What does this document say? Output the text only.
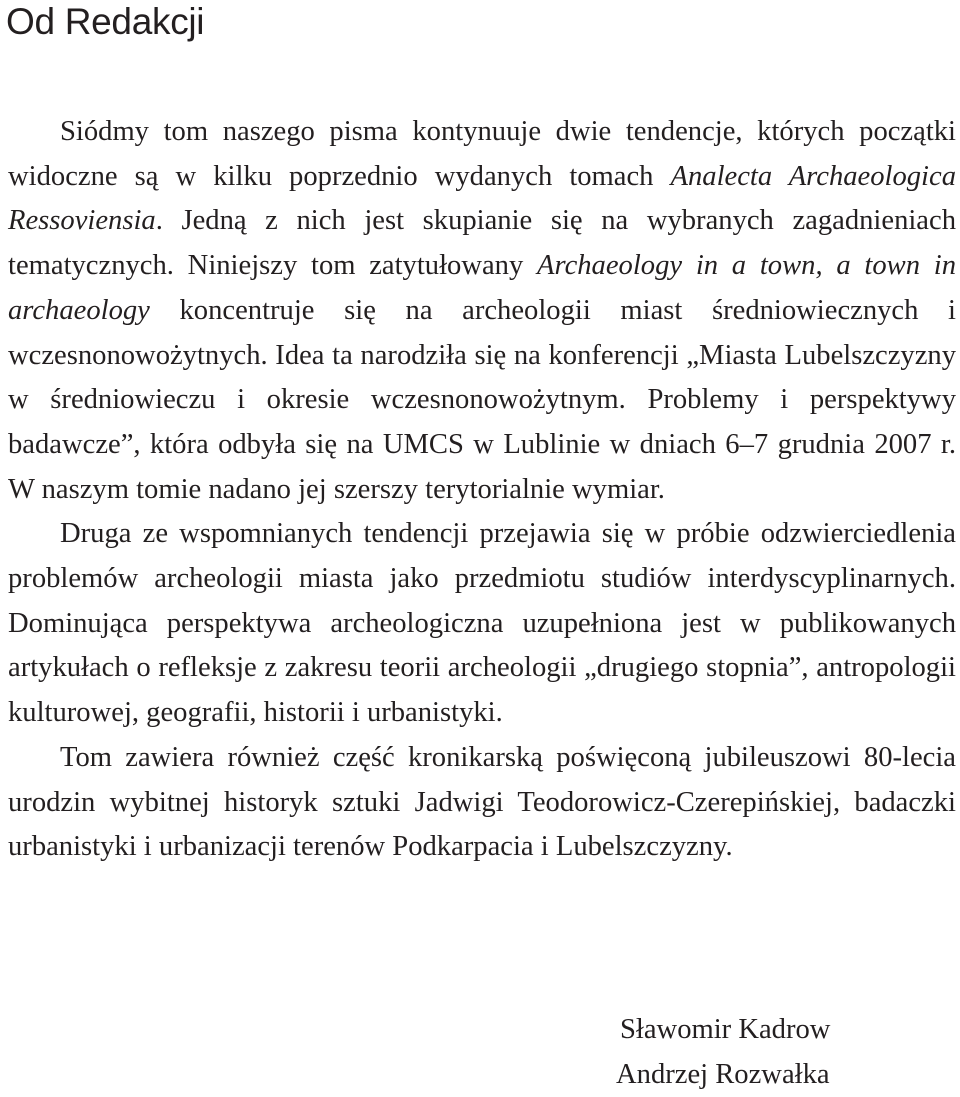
Od Redakcji

Siódmy tom naszego pisma kontynuuje dwie tendencje, których początki widoczne są w kilku poprzednio wydanych tomach Analecta Archaeologica Ressoviensia. Jedną z nich jest skupianie się na wybranych zagadnieniach tematycznych. Niniejszy tom zatytułowany Archaeology in a town, a town in archaeology koncentruje się na archeologii miast średniowiecznych i wczesnonowożytnych. Idea ta narodziła się na konferencji „Miasta Lubelszczyzny w średniowieczu i okresie wczesnonowożytnym. Problemy i perspektywy badawcze”, która odbyła się na UMCS w Lublinie w dniach 6–7 grudnia 2007 r. W naszym tomie nadano jej szerszy terytorialnie wymiar.

Druga ze wspomnianych tendencji przejawia się w próbie odzwierciedlenia problemów archeologii miasta jako przedmiotu studiów interdyscyplinarnych. Dominująca perspektywa archeologiczna uzupełniona jest w publikowanych artykułach o refleksje z zakresu teorii archeologii „drugiego stopnia”, antropologii kulturowej, geografii, historii i urbanistyki.

Tom zawiera również część kronikarską poświęconą jubileuszowi 80-lecia urodzin wybitnej historyk sztuki Jadwigi Teodorowicz-Czerepińskiej, badaczki urbanistyki i urbanizacji terenów Podkarpacia i Lubelszczyzny.

Sławomir Kadrow
Andrzej Rozwałka
